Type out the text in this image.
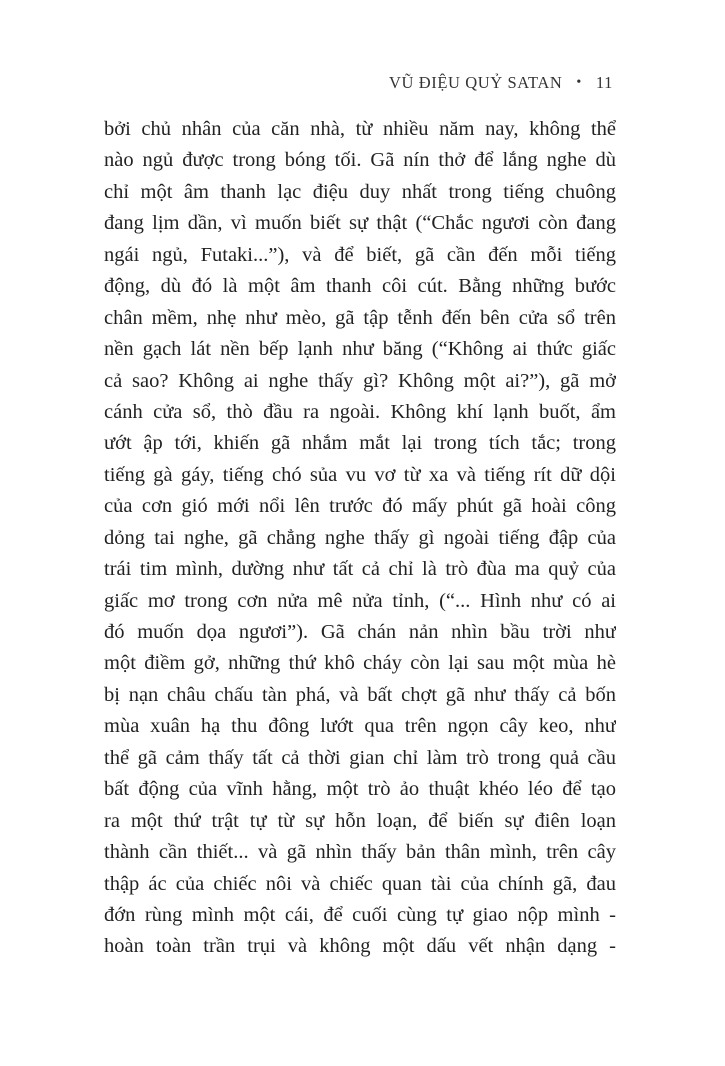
VŨ ĐIỆU QUỶ SATAN • 11
bởi chủ nhân của căn nhà, từ nhiều năm nay, không thể
nào ngủ được trong bóng tối. Gã nín thở để lắng nghe dù
chỉ một âm thanh lạc điệu duy nhất trong tiếng chuông
đang lịm dần, vì muốn biết sự thật (“Chắc ngươi còn đang
ngái ngủ, Futaki...”), và để biết, gã cần đến mỗi tiếng
động, dù đó là một âm thanh côi cút. Bằng những bước
chân mềm, nhẹ như mèo, gã tập tễnh đến bên cửa sổ trên
nền gạch lát nền bếp lạnh như băng (“Không ai thức giấc
cả sao? Không ai nghe thấy gì? Không một ai?”), gã mở
cánh cửa sổ, thò đầu ra ngoài. Không khí lạnh buốt, ẩm
ướt ập tới, khiến gã nhắm mắt lại trong tích tắc; trong
tiếng gà gáy, tiếng chó sủa vu vơ từ xa và tiếng rít dữ dội
của cơn gió mới nổi lên trước đó mấy phút gã hoài công
dỏng tai nghe, gã chẳng nghe thấy gì ngoài tiếng đập của
trái tim mình, dường như tất cả chỉ là trò đùa ma quỷ của
giấc mơ trong cơn nửa mê nửa tỉnh, (“... Hình như có ai
đó muốn dọa ngươi”). Gã chán nản nhìn bầu trời như
một điềm gở, những thứ khô cháy còn lại sau một mùa hè
bị nạn châu chấu tàn phá, và bất chợt gã như thấy cả bốn
mùa xuân hạ thu đông lướt qua trên ngọn cây keo, như
thể gã cảm thấy tất cả thời gian chỉ làm trò trong quả cầu
bất động của vĩnh hằng, một trò ảo thuật khéo léo để tạo
ra một thứ trật tự từ sự hỗn loạn, để biến sự điên loạn
thành cần thiết... và gã nhìn thấy bản thân mình, trên cây
thập ác của chiếc nôi và chiếc quan tài của chính gã, đau
đớn rùng mình một cái, để cuối cùng tự giao nộp mình -
hoàn toàn trần trụi và không một dấu vết nhận dạng -
